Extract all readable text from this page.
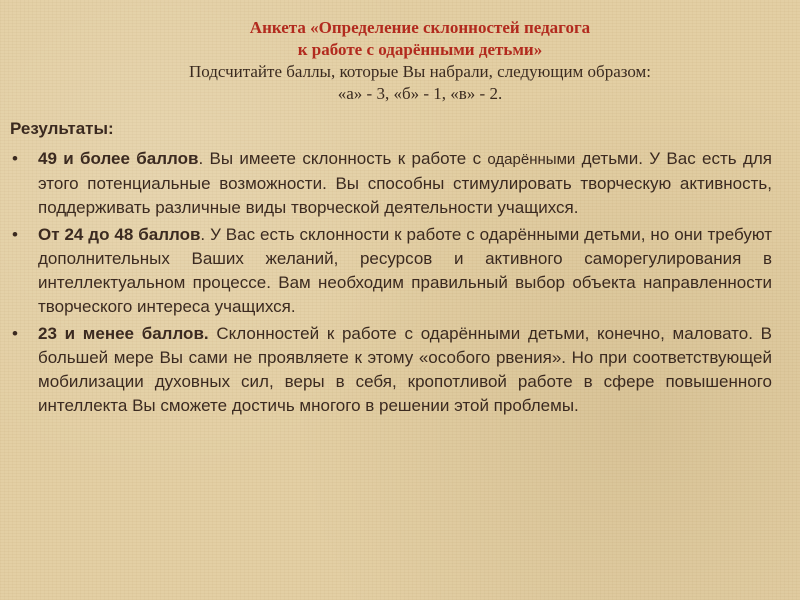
Анкета «Определение склонностей педагога
к работе с одарёнными детьми»
Подсчитайте баллы, которые Вы набрали, следующим образом:
«а» - 3, «б» - 1, «в» - 2.
Результаты:
• 49 и более баллов. Вы имеете склонность к работе с одарёнными детьми. У Вас есть для этого потенциальные возможности. Вы способны стимулировать творческую активность, поддерживать различные виды творческой деятельности учащихся.
• От 24 до 48 баллов. У Вас есть склонности к работе с одарёнными детьми, но они требуют дополнительных Ваших желаний, ресурсов и активного саморегулирования в интеллектуальном процессе. Вам необходим правильный выбор объекта направленности творческого интереса учащихся.
• 23 и менее баллов. Склонностей к работе с одарёнными детьми, конечно, маловато. В большей мере Вы сами не проявляете к этому «особого рвения». Но при соответствующей мобилизации духовных сил, веры в себя, кропотливой работе в сфере повышенного интеллекта Вы сможете достичь многого в решении этой проблемы.
